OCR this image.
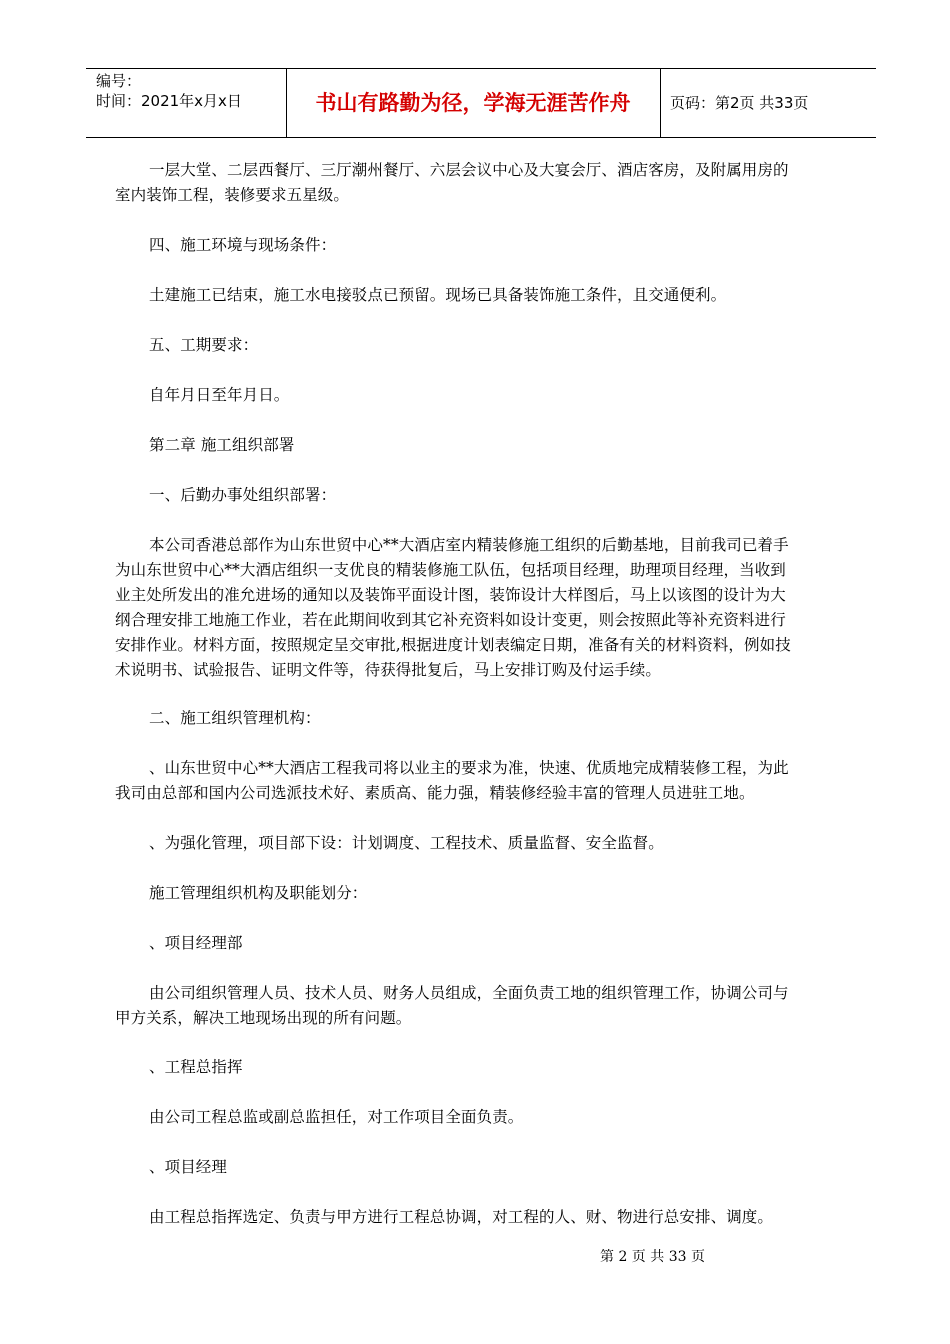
编号：
时间：2021年x月x日	书山有路勤为径，学海无涯苦作舟	页码：第2页 共33页
一层大堂、二层西餐厅、三厅潮州餐厅、六层会议中心及大宴会厅、酒店客房，及附属用房的
室内装饰工程，装修要求五星级。
四、施工环境与现场条件：
土建施工已结束，施工水电接驳点已预留。现场已具备装饰施工条件，且交通便利。
五、工期要求：
自年月日至年月日。
第二章 施工组织部署
一、后勤办事处组织部署：
本公司香港总部作为山东世贸中心**大酒店室内精装修施工组织的后勤基地，目前我司已着手
为山东世贸中心**大酒店组织一支优良的精装修施工队伍，包括项目经理，助理项目经理，当收到
业主处所发出的准允进场的通知以及装饰平面设计图，装饰设计大样图后，马上以该图的设计为大
纲合理安排工地施工作业，若在此期间收到其它补充资料如设计变更，则会按照此等补充资料进行
安排作业。材料方面，按照规定呈交审批,根据进度计划表编定日期，准备有关的材料资料，例如技
术说明书、试验报告、证明文件等，待获得批复后，马上安排订购及付运手续。
二、施工组织管理机构：
、山东世贸中心**大酒店工程我司将以业主的要求为准，快速、优质地完成精装修工程，为此
我司由总部和国内公司选派技术好、素质高、能力强，精装修经验丰富的管理人员进驻工地。
、为强化管理，项目部下设：计划调度、工程技术、质量监督、安全监督。
施工管理组织机构及职能划分：
、项目经理部
由公司组织管理人员、技术人员、财务人员组成，全面负责工地的组织管理工作，协调公司与
甲方关系，解决工地现场出现的所有问题。
、工程总指挥
由公司工程总监或副总监担任，对工作项目全面负责。
、项目经理
由工程总指挥选定、负责与甲方进行工程总协调，对工程的人、财、物进行总安排、调度。
第 2 页 共 33 页
